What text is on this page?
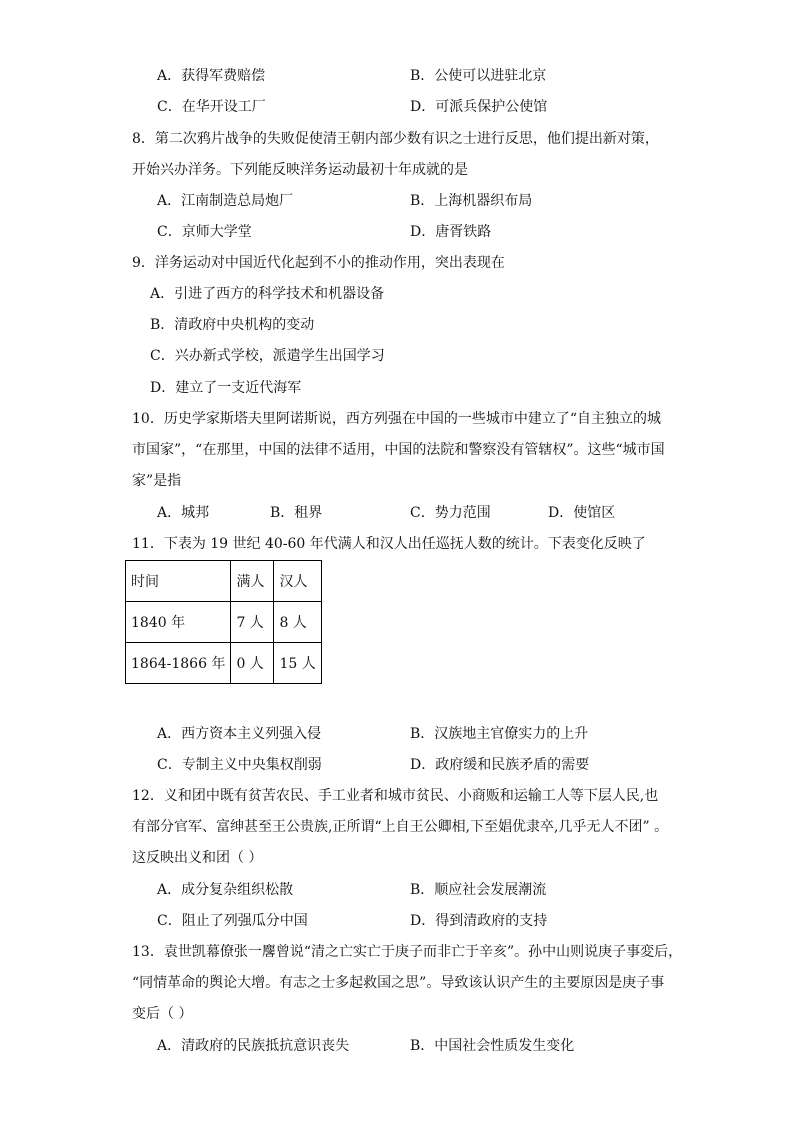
A．获得军费赔偿	B．公使可以进驻北京
C．在华开设工厂	D．可派兵保护公使馆
8．第二次鸦片战争的失败促使清王朝内部少数有识之士进行反思，他们提出新对策，
开始兴办洋务。下列能反映洋务运动最初十年成就的是
A．江南制造总局炮厂	B．上海机器织布局
C．京师大学堂	D．唐胥铁路
9．洋务运动对中国近代化起到不小的推动作用，突出表现在
A．引进了西方的科学技术和机器设备
B．清政府中央机构的变动
C．兴办新式学校，派遣学生出国学习
D．建立了一支近代海军
10．历史学家斯塔夫里阿诺斯说，西方列强在中国的一些城市中建立了“自主独立的城
市国家”，“在那里，中国的法律不适用，中国的法院和警察没有管辖权”。这些“城市国
家”是指
A．城邦	B．租界	C．势力范围	D．使馆区
11．下表为 19 世纪 40-60 年代满人和汉人出任巡抚人数的统计。下表变化反映了
时间	满人	汉人
1840 年	7 人	8 人
1864-1866 年	0 人	15 人
A．西方资本主义列强入侵	B．汉族地主官僚实力的上升
C．专制主义中央集权削弱	D．政府缓和民族矛盾的需要
12．义和团中既有贫苦农民、手工业者和城市贫民、小商贩和运输工人等下层人民,也
有部分官军、富绅甚至王公贵族,正所谓“上自王公卿相,下至娼优隶卒,几乎无人不团” 。
这反映出义和团（ ）
A．成分复杂组织松散	B．顺应社会发展潮流
C．阻止了列强瓜分中国	D．得到清政府的支持
13．袁世凯幕僚张一麐曾说“清之亡实亡于庚子而非亡于辛亥”。孙中山则说庚子事変后，
“同情革命的舆论大增。有志之士多起救国之思”。导致该认识产生的主要原因是庚子事
变后（ ）
A．清政府的民族抵抗意识丧失	B．中国社会性质发生变化
